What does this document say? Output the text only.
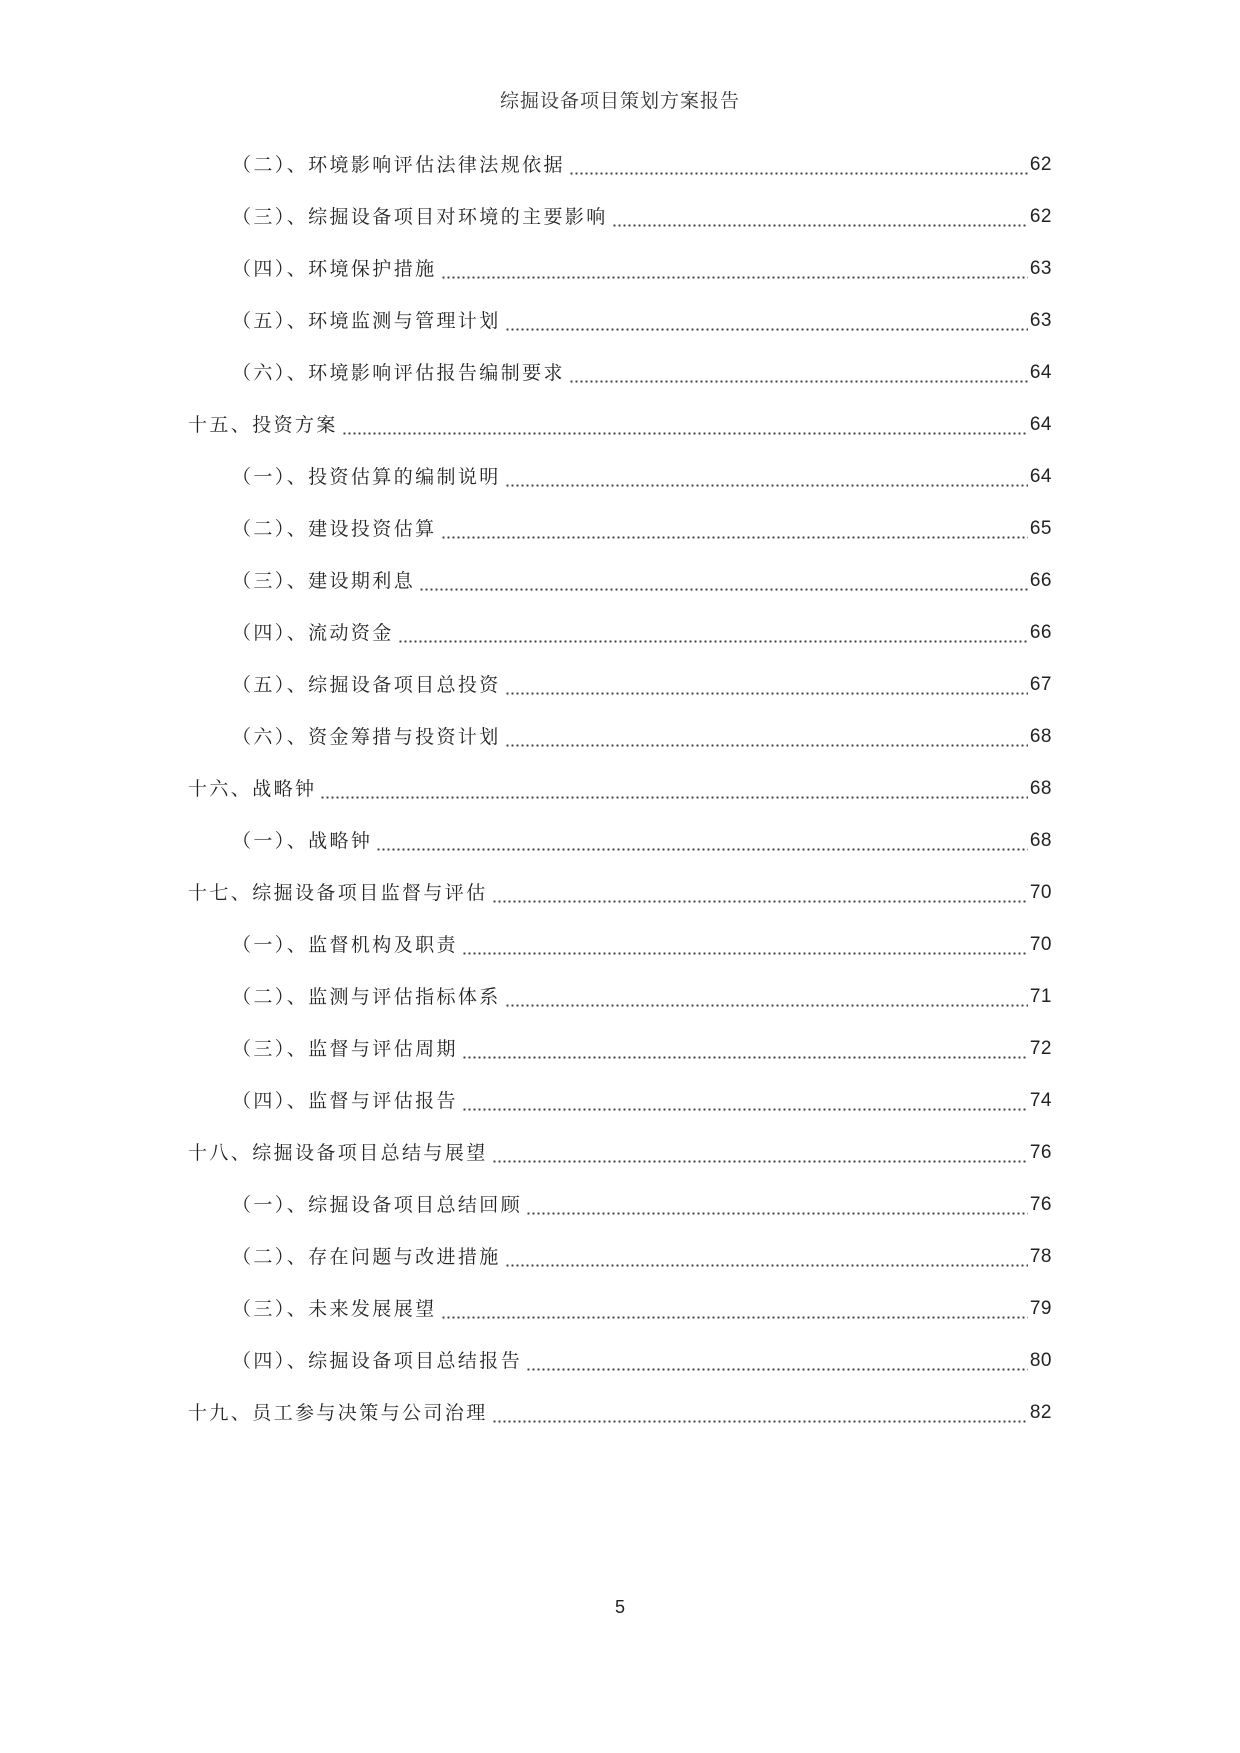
综掘设备项目策划方案报告
（二）、环境影响评估法律法规依据	62
（三）、综掘设备项目对环境的主要影响	62
（四）、环境保护措施	63
（五）、环境监测与管理计划	63
（六）、环境影响评估报告编制要求	64
十五、投资方案	64
（一）、投资估算的编制说明	64
（二）、建设投资估算	65
（三）、建设期利息	66
（四）、流动资金	66
（五）、综掘设备项目总投资	67
（六）、资金筹措与投资计划	68
十六、战略钟	68
（一）、战略钟	68
十七、综掘设备项目监督与评估	70
（一）、监督机构及职责	70
（二）、监测与评估指标体系	71
（三）、监督与评估周期	72
（四）、监督与评估报告	74
十八、综掘设备项目总结与展望	76
（一）、综掘设备项目总结回顾	76
（二）、存在问题与改进措施	78
（三）、未来发展展望	79
（四）、综掘设备项目总结报告	80
十九、员工参与决策与公司治理	82
5
